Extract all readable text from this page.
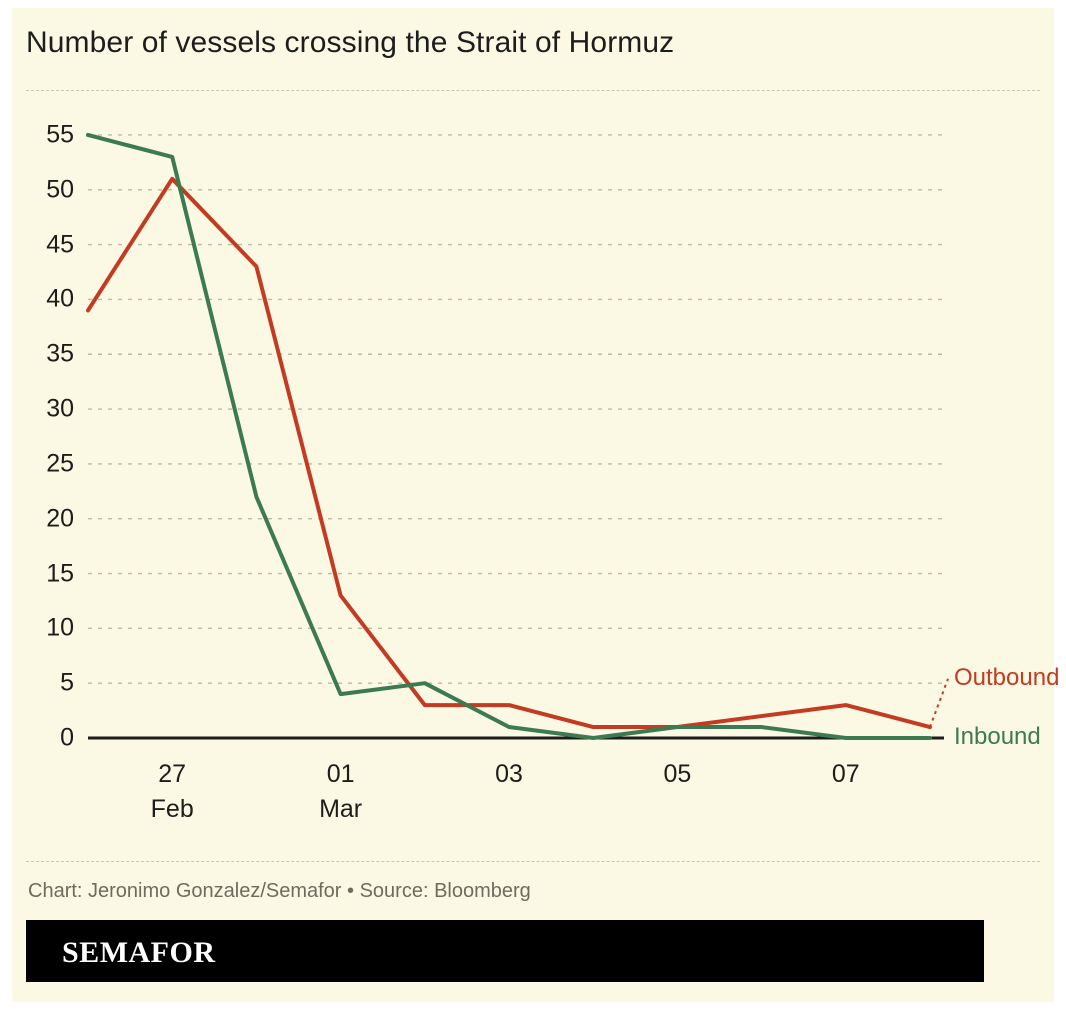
Number of vessels crossing the Strait of Hormuz
0
5
10
15
20
25
30
35
40
45
50
55
27
Feb
01
Mar
03	05	07
Outbound
Inbound
Chart: Jeronimo Gonzalez/Semafor • Source: Bloomberg
SEMAFOR
